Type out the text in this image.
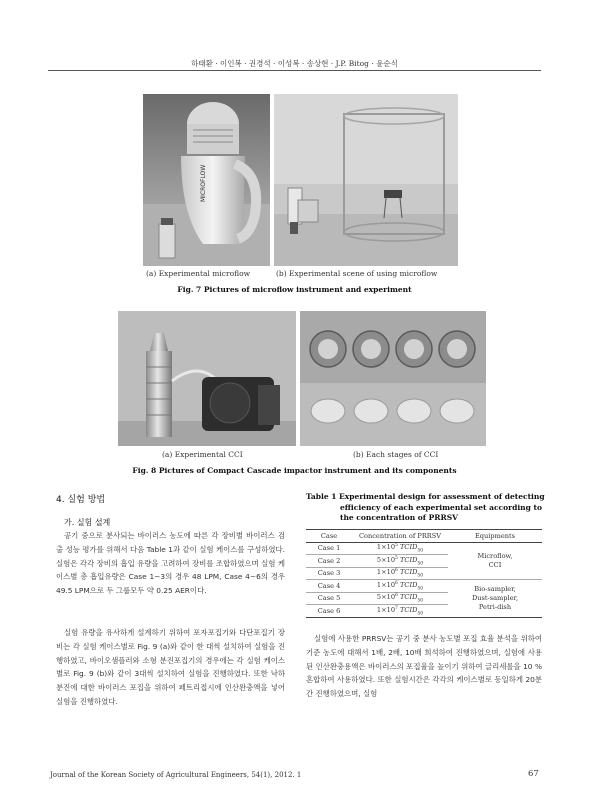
하태환 · 이인복 · 권경석 · 이성복 · 송상현 · J.P. Bitog · 윤순식
MICROFLOW
(a) Experimental microflow	(b) Experimental scene of using microflow
Fig. 7 Pictures of microflow instrument and experiment
(a) Experimental CCI	(b) Each stages of CCI
Fig. 8 Pictures of Compact Cascade impactor instrument and its components
4. 실험 방법
가. 실험 설계
공기 중으로 분사되는 바이러스 농도에 따른 각 장비별 바이러스 검출 성능 평가를 위해서 다음 Table 1과 같이 실험 케이스를 구성하였다. 실험은 각각 장비의 흡입 유량을 고려하여 장비를 조합하였으며 실험 케이스별 총 흡입유량은 Case 1∼3의 경우 48 LPM, Case 4∼6의 경우 49.5 LPM으로 두 그룹모두 약 0.25 AER이다.
실험 유량을 유사하게 설계하기 위하여 포자포집기와 다단포집기 장비는 각 실험 케이스별로 Fig. 9 (a)와 같이 한 대씩 설치하여 실험을 진행하였고, 바이오샘플러와 소형 분진포집기의 경우에는 각 실험 케이스별로 Fig. 9 (b)와 같이 3대씩 설치하여 실험을 진행하였다. 또한 낙하 분진에 대한 바이러스 포집을 위하여 페트리접시에 인산완충액을 넣어 실험을 진행하였다.
Table 1 Experimental design for assessment of detecting
efficiency of each experimental set according to
the concentration of PRRSV
Case	Concentration of PRRSV	Equipments
Case 1	$1\times 10^5$ $TCID_{50}$	Microflow,
CCI

Case 2	$5\times 10^5$ $TCID_{50}$
Case 3	$1\times 10^6$ $TCID_{50}$
Case 4	$1\times 10^6$ $TCID_{50}$	Bio-sampler,
Dust-sampler,
Petri-dish

Case 5	$5\times 10^6$ $TCID_{50}$
Case 6	$1\times 10^7$ $TCID_{50}$
실험에 사용한 PRRSV는 공기 중 분사 농도별 포집 효율 분석을 위하여 기준 농도에 대해서 1배, 2배, 10배 희석하여 진행하였으며, 실험에 사용된 인산완충용액은 바이러스의 포집율을 높이기 위하여 글리세롤을 10 % 혼합하여 사용하였다. 또한 실험시간은 각각의 케이스별로 동일하게 20분간 진행하였으며, 실험
Journal of the Korean Society of Agricultural Engineers, 54(1), 2012. 1	67
